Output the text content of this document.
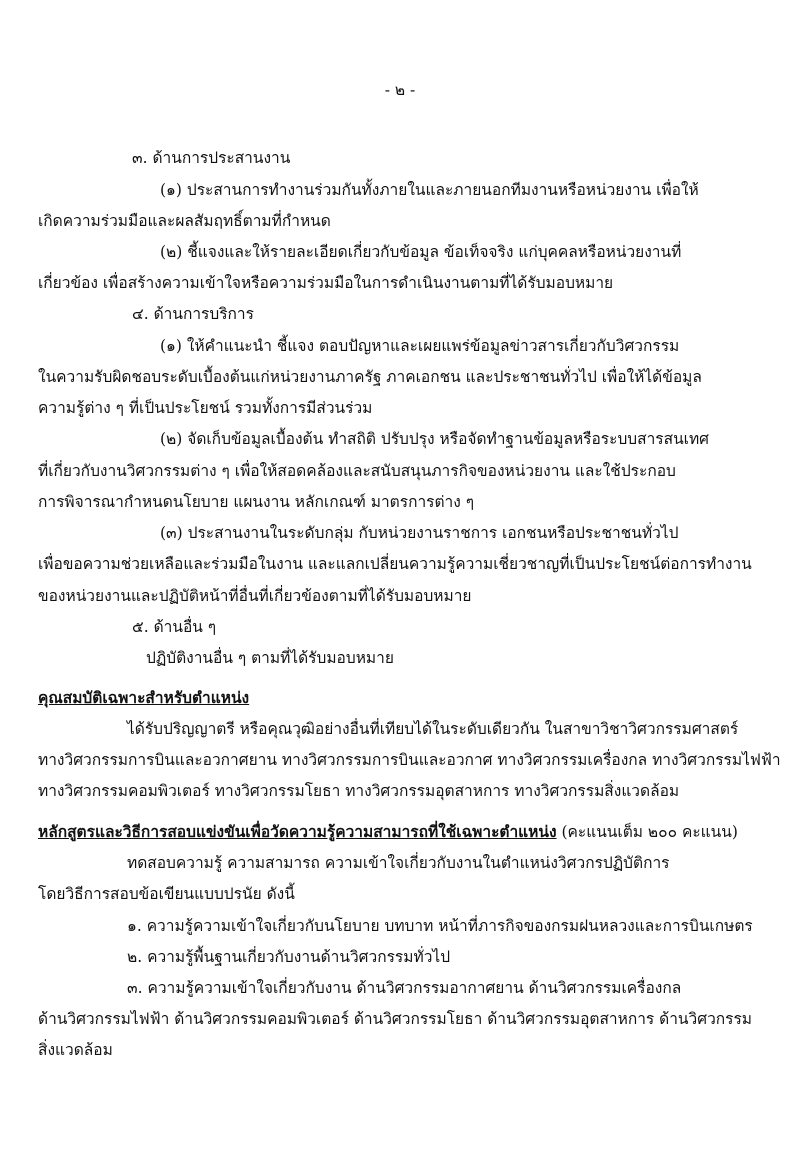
- ๒ -
๓. ด้านการประสานงาน
(๑) ประสานการทำงานร่วมกันทั้งภายในและภายนอกทีมงานหรือหน่วยงาน เพื่อให้
เกิดความร่วมมือและผลสัมฤทธิ์ตามที่กำหนด
(๒) ชี้แจงและให้รายละเอียดเกี่ยวกับข้อมูล ข้อเท็จจริง แก่บุคคลหรือหน่วยงานที่
เกี่ยวข้อง เพื่อสร้างความเข้าใจหรือความร่วมมือในการดำเนินงานตามที่ได้รับมอบหมาย
๔. ด้านการบริการ
(๑) ให้คำแนะนำ ชี้แจง ตอบปัญหาและเผยแพร่ข้อมูลข่าวสารเกี่ยวกับวิศวกรรม
ในความรับผิดชอบระดับเบื้องต้นแก่หน่วยงานภาครัฐ ภาคเอกชน และประชาชนทั่วไป เพื่อให้ได้ข้อมูล
ความรู้ต่าง ๆ ที่เป็นประโยชน์ รวมทั้งการมีส่วนร่วม
(๒) จัดเก็บข้อมูลเบื้องต้น ทำสถิติ ปรับปรุง หรือจัดทำฐานข้อมูลหรือระบบสารสนเทศ
ที่เกี่ยวกับงานวิศวกรรมต่าง ๆ เพื่อให้สอดคล้องและสนับสนุนภารกิจของหน่วยงาน และใช้ประกอบ
การพิจารณากำหนดนโยบาย แผนงาน หลักเกณฑ์ มาตรการต่าง ๆ
(๓) ประสานงานในระดับกลุ่ม กับหน่วยงานราชการ เอกชนหรือประชาชนทั่วไป
เพื่อขอความช่วยเหลือและร่วมมือในงาน และแลกเปลี่ยนความรู้ความเชี่ยวชาญที่เป็นประโยชน์ต่อการทำงาน
ของหน่วยงานและปฏิบัติหน้าที่อื่นที่เกี่ยวข้องตามที่ได้รับมอบหมาย
๕. ด้านอื่น ๆ
ปฏิบัติงานอื่น ๆ ตามที่ได้รับมอบหมาย
คุณสมบัติเฉพาะสำหรับตำแหน่ง
ได้รับปริญญาตรี หรือคุณวุฒิอย่างอื่นที่เทียบได้ในระดับเดียวกัน ในสาขาวิชาวิศวกรรมศาสตร์
ทางวิศวกรรมการบินและอวกาศยาน ทางวิศวกรรมการบินและอวกาศ ทางวิศวกรรมเครื่องกล ทางวิศวกรรมไฟฟ้า
ทางวิศวกรรมคอมพิวเตอร์ ทางวิศวกรรมโยธา ทางวิศวกรรมอุตสาหการ ทางวิศวกรรมสิ่งแวดล้อม
หลักสูตรและวิธีการสอบแข่งขันเพื่อวัดความรู้ความสามารถที่ใช้เฉพาะตำแหน่ง (คะแนนเต็ม ๒๐๐ คะแนน)
ทดสอบความรู้ ความสามารถ ความเข้าใจเกี่ยวกับงานในตำแหน่งวิศวกรปฏิบัติการ
โดยวิธีการสอบข้อเขียนแบบปรนัย ดังนี้
๑. ความรู้ความเข้าใจเกี่ยวกับนโยบาย บทบาท หน้าที่ภารกิจของกรมฝนหลวงและการบินเกษตร
๒. ความรู้พื้นฐานเกี่ยวกับงานด้านวิศวกรรมทั่วไป
๓. ความรู้ความเข้าใจเกี่ยวกับงาน ด้านวิศวกรรมอากาศยาน ด้านวิศวกรรมเครื่องกล
ด้านวิศวกรรมไฟฟ้า ด้านวิศวกรรมคอมพิวเตอร์ ด้านวิศวกรรมโยธา ด้านวิศวกรรมอุตสาหการ ด้านวิศวกรรม
สิ่งแวดล้อม
